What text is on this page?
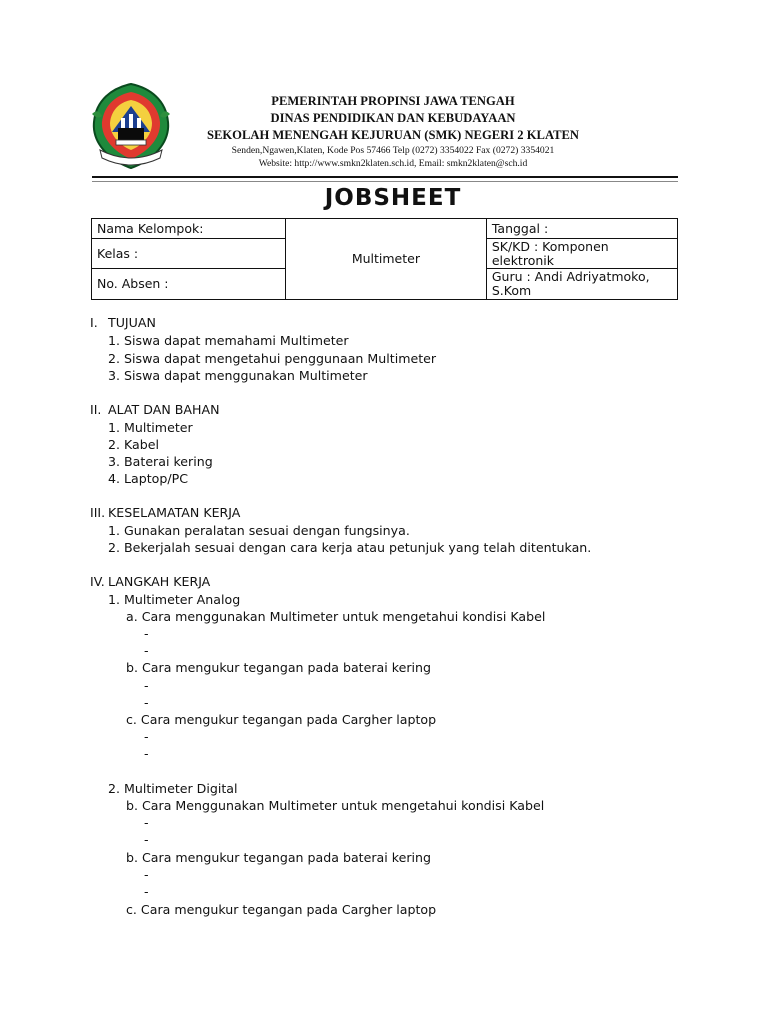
PEMERINTAH PROPINSI JAWA TENGAH
DINAS PENDIDIKAN DAN KEBUDAYAAN
SEKOLAH MENENGAH KEJURUAN (SMK) NEGERI 2 KLATEN
Senden,Ngawen,Klaten, Kode Pos 57466 Telp (0272) 3354022 Fax (0272) 3354021
Website: http://www.smkn2klaten.sch.id, Email: smkn2klaten@sch.id
JOBSHEET
Nama Kelompok:	Multimeter	Tanggal :
Kelas :		SK/KD : Komponen elektronik
No. Absen :		Guru : Andi Adriyatmoko, S.Kom
I. TUJUAN
1. Siswa dapat memahami Multimeter
2. Siswa dapat mengetahui penggunaan Multimeter
3. Siswa dapat menggunakan Multimeter
II. ALAT DAN BAHAN
1. Multimeter
2. Kabel
3. Baterai kering
4. Laptop/PC
III. KESELAMATAN KERJA
1. Gunakan peralatan sesuai dengan fungsinya.
2. Bekerjalah sesuai dengan cara kerja atau petunjuk yang telah ditentukan.
IV. LANGKAH KERJA
1. Multimeter Analog
a. Cara menggunakan Multimeter untuk mengetahui kondisi Kabel
-
-
b. Cara mengukur tegangan pada baterai kering
-
-
c. Cara mengukur tegangan pada Cargher laptop
-
-
2. Multimeter Digital
b. Cara Menggunakan Multimeter untuk mengetahui kondisi Kabel
-
-
b. Cara mengukur tegangan pada baterai kering
-
-
c. Cara mengukur tegangan pada Cargher laptop
